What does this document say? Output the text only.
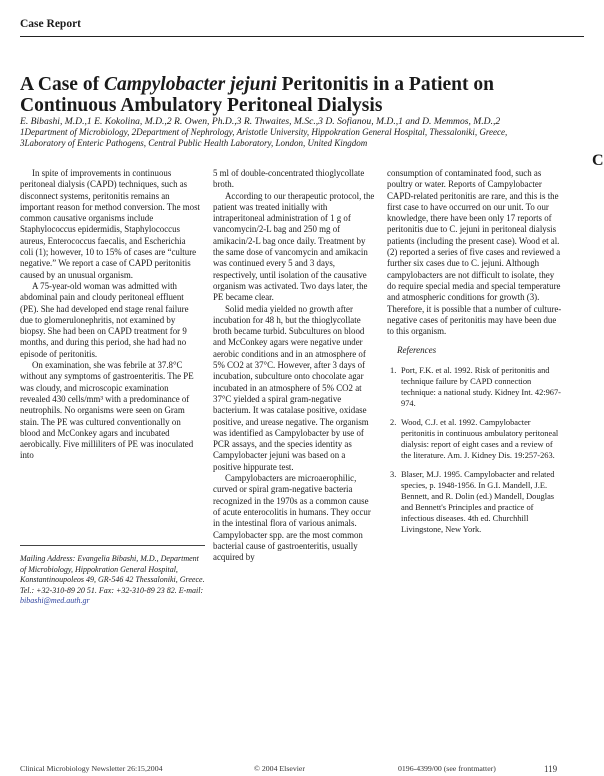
Case Report
A Case of Campylobacter jejuni Peritonitis in a Patient on Continuous Ambulatory Peritoneal Dialysis
E. Bibashi, M.D.,1 E. Kokolina, M.D.,2 R. Owen, Ph.D.,3 R. Thwaites, M.Sc.,3 D. Sofianou, M.D.,1 and D. Memmos, M.D.,2
1Department of Microbiology, 2Department of Nephrology, Aristotle University, Hippokration General Hospital, Thessaloniki, Greece,
3Laboratory of Enteric Pathogens, Central Public Health Laboratory, London, United Kingdom
C

In spite of improvements in continuous peritoneal dialysis (CAPD) techniques, such as disconnect systems, peritonitis remains an important reason for method conversion. The most common causative organisms include Staphylococcus epidermidis, Staphylococcus aureus, Enterococcus faecalis, and Escherichia coli (1); however, 10 to 15% of cases are “culture negative.” We report a case of CAPD peritonitis caused by an unusual organism.

A 75-year-old woman was admitted with abdominal pain and cloudy peritoneal effluent (PE). She had developed end stage renal failure due to glomerulonephritis, not examined by biopsy. She had been on CAPD treatment for 9 months, and during this period, she had had no episode of peritonitis.

On examination, she was febrile at 37.8°C without any symptoms of gastroenteritis. The PE was cloudy, and microscopic examination revealed 430 cells/mm³ with a predominance of neutrophils. No organisms were seen on Gram stain. The PE was cultured conventionally on blood and McConkey agars and incubated aerobically. Five milliliters of PE was inoculated into

Mailing Address: Evangelia Bibashi, M.D., Department of Microbiology, Hippokration General Hospital, Konstantinoupoleos 49, GR-546 42 Thessaloniki, Greece. Tel.: +32-310-89 20 51. Fax: +32-310-89 23 82. E-mail: bibashi@med.auth.gr

5 ml of double-concentrated thioglycollate broth.

According to our therapeutic protocol, the patient was treated initially with intraperitoneal administration of 1 g of vancomycin/2-L bag and 250 mg of amikacin/2-L bag once daily. Treatment by the same dose of vancomycin and amikacin was continued every 5 and 3 days, respectively, until isolation of the causative organism was activated. Two days later, the PE became clear.

Solid media yielded no growth after incubation for 48 h, but the thioglycollate broth became turbid. Subcultures on blood and McConkey agars were negative under aerobic conditions and in an atmosphere of 5% CO2 at 37°C. However, after 3 days of incubation, subculture onto chocolate agar incubated in an atmosphere of 5% CO2 at 37°C yielded a spiral gram-negative bacterium. It was catalase positive, oxidase positive, and urease negative. The organism was identified as Campylobacter by use of PCR assays, and the species identity as Campylobacter jejuni was based on a positive hippurate test.

Campylobacters are microaerophilic, curved or spiral gram-negative bacteria recognized in the 1970s as a common cause of acute enterocolitis in humans. They occur in the intestinal flora of various animals. Campylobacter spp. are the most common bacterial cause of gastroenteritis, usually acquired by

consumption of contaminated food, such as poultry or water. Reports of Campylobacter CAPD-related peritonitis are rare, and this is the first case to have occurred on our unit. To our knowledge, there have been only 17 reports of peritonitis due to C. jejuni in peritoneal dialysis patients (including the present case). Wood et al. (2) reported a series of five cases and reviewed a further six cases due to C. jejuni. Although campylobacters are not difficult to isolate, they do require special media and special temperature and atmospheric conditions for growth (3). Therefore, it is possible that a number of culture-negative cases of peritonitis may have been due to this organism.

References
1. Port, F.K. et al. 1992. Risk of peritonitis and technique failure by CAPD connection technique: a national study. Kidney Int. 42:967-974.
2. Wood, C.J. et al. 1992. Campylobacter peritonitis in continuous ambulatory peritoneal dialysis: report of eight cases and a review of the literature. Am. J. Kidney Dis. 19:257-263.
3. Blaser, M.J. 1995. Campylobacter and related species, p. 1948-1956. In G.I. Mandell, J.E. Bennett, and R. Dolin (ed.) Mandell, Douglas and Bennett's Principles and practice of infectious diseases. 4th ed. Churchhill Livingstone, New York.
Clinical Microbiology Newsletter 26:15,2004	© 2004 Elsevier	0196-4399/00 (see frontmatter)	119
